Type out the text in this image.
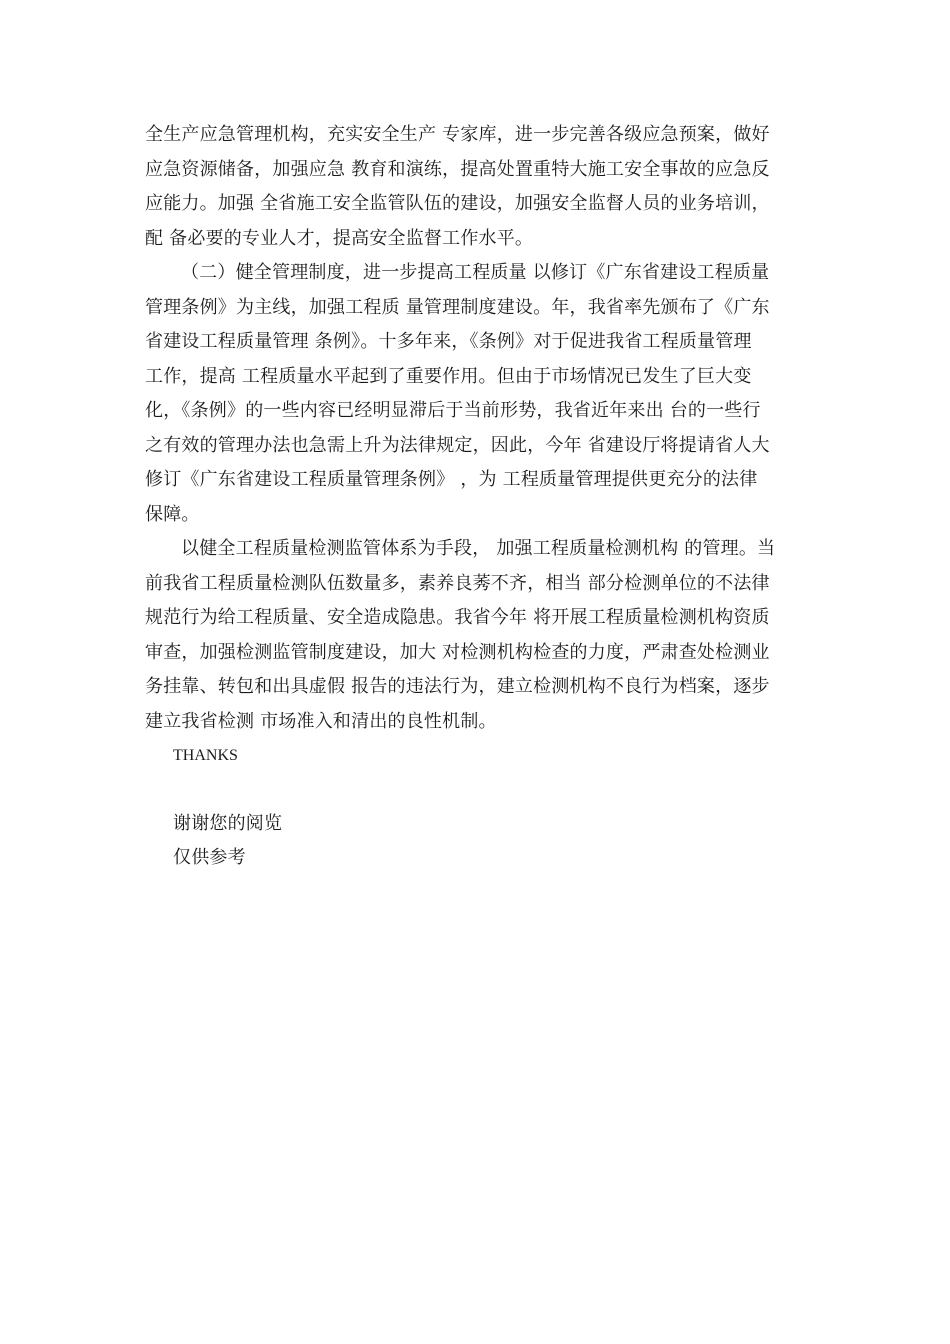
全生产应急管理机构，充实安全生产 专家库，进一步完善各级应急预案，做好
应急资源储备，加强应急 教育和演练，提高处置重特大施工安全事故的应急反
应能力。加强 全省施工安全监管队伍的建设，加强安全监督人员的业务培训，
配 备必要的专业人才，提高安全监督工作水平。
（二）健全管理制度，进一步提高工程质量 以修订《广东省建设工程质量
管理条例》为主线，加强工程质 量管理制度建设。年，我省率先颁布了《广东
省建设工程质量管理 条例》。十多年来，《条例》对于促进我省工程质量管理
工作，提高 工程质量水平起到了重要作用。但由于市场情况已发生了巨大变
化，《条例》的一些内容已经明显滞后于当前形势，我省近年来出 台的一些行
之有效的管理办法也急需上升为法律规定，因此，今年 省建设厅将提请省人大
修订《广东省建设工程质量管理条例》 ，为 工程质量管理提供更充分的法律
保障。
以健全工程质量检测监管体系为手段， 加强工程质量检测机构 的管理。当
前我省工程质量检测队伍数量多，素养良莠不齐，相当 部分检测单位的不法律
规范行为给工程质量、安全造成隐患。我省今年 将开展工程质量检测机构资质
审查，加强检测监管制度建设，加大 对检测机构检查的力度，严肃查处检测业
务挂靠、转包和出具虚假 报告的违法行为，建立检测机构不良行为档案，逐步
建立我省检测 市场准入和清出的良性机制。
THANKS
谢谢您的阅览
仅供参考
